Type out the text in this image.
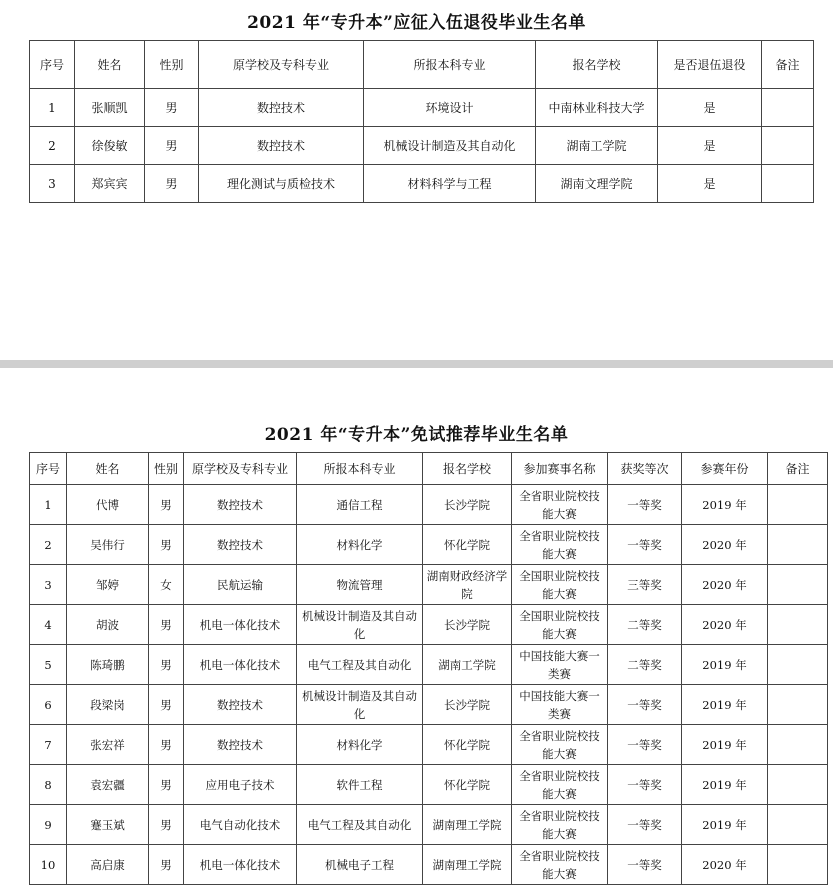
2021 年“专升本”应征入伍退役毕业生名单
序号	姓名	性别	原学校及专科专业	所报本科专业	报名学校	是否退伍退役	备注
1	张顺凯	男	数控技术	环境设计	中南林业科技大学	是	
2	徐俊敏	男	数控技术	机械设计制造及其自动化	湖南工学院	是	
3	郑宾宾	男	理化测试与质检技术	材料科学与工程	湖南文理学院	是	
2021 年“专升本”免试推荐毕业生名单
序号	姓名	性别	原学校及专科专业	所报本科专业	报名学校	参加赛事名称	获奖等次	参赛年份	备注
1	代博	男	数控技术	通信工程	长沙学院	全省职业院校技能大赛	一等奖	2019 年	
2	吴伟行	男	数控技术	材料化学	怀化学院	全省职业院校技能大赛	一等奖	2020 年	
3	邹婷	女	民航运输	物流管理	湖南财政经济学院	全国职业院校技能大赛	三等奖	2020 年	
4	胡波	男	机电一体化技术	机械设计制造及其自动化	长沙学院	全国职业院校技能大赛	二等奖	2020 年	
5	陈琦鹏	男	机电一体化技术	电气工程及其自动化	湖南工学院	中国技能大赛一类赛	二等奖	2019 年	
6	段梁岗	男	数控技术	机械设计制造及其自动化	长沙学院	中国技能大赛一类赛	一等奖	2019 年	
7	张宏祥	男	数控技术	材料化学	怀化学院	全省职业院校技能大赛	一等奖	2019 年	
8	袁宏疆	男	应用电子技术	软件工程	怀化学院	全省职业院校技能大赛	一等奖	2019 年	
9	蹇玉斌	男	电气自动化技术	电气工程及其自动化	湖南理工学院	全省职业院校技能大赛	一等奖	2019 年	
10	高启康	男	机电一体化技术	机械电子工程	湖南理工学院	全省职业院校技能大赛	一等奖	2020 年	
